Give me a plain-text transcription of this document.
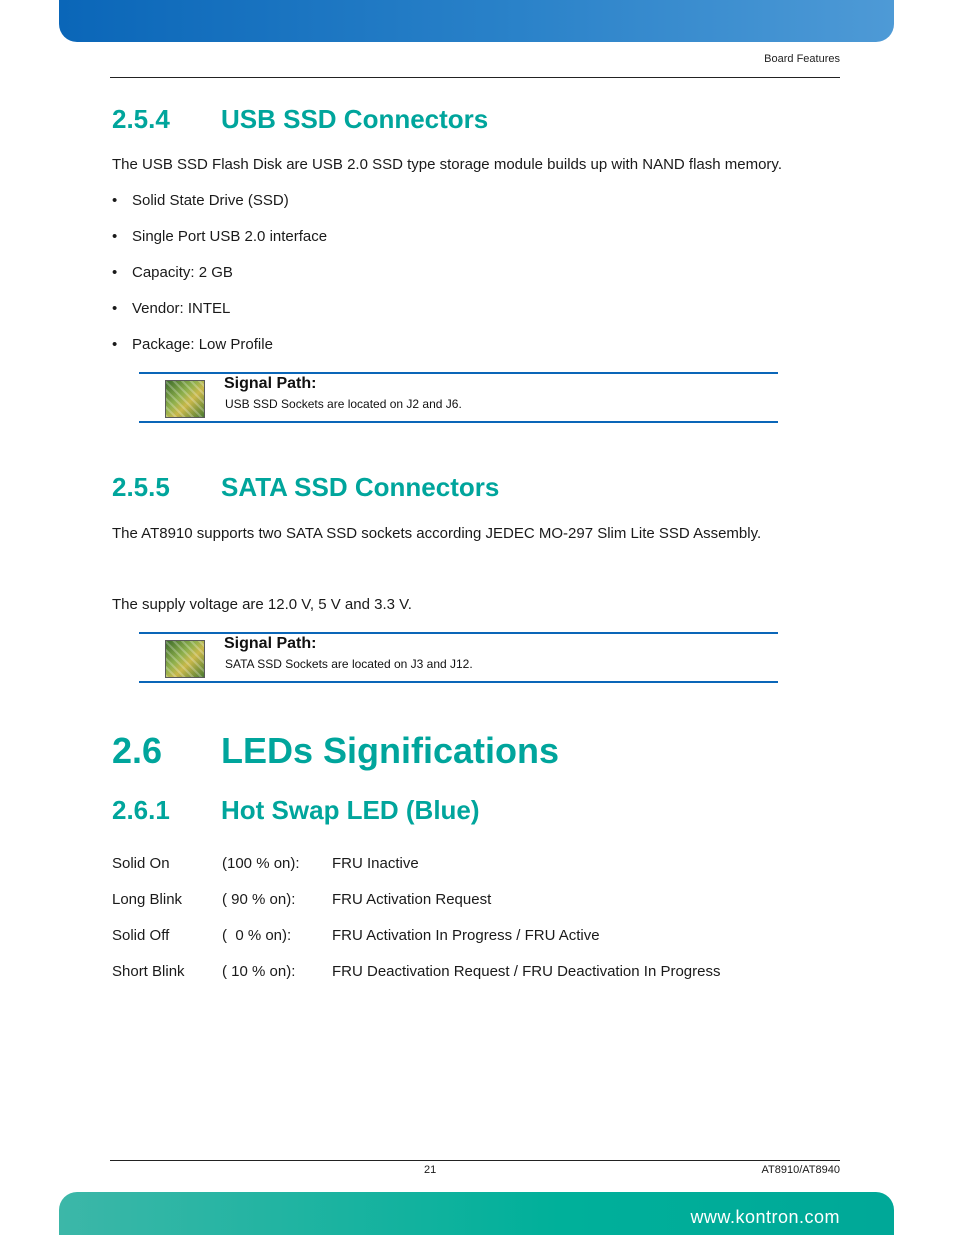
Board Features
2.5.4 USB SSD Connectors

The USB SSD Flash Disk are USB 2.0 SSD type storage module builds up with NAND flash memory.

• Solid State Drive (SSD)
• Single Port USB 2.0 interface
• Capacity: 2 GB
• Vendor: INTEL
• Package: Low Profile
Signal Path:
USB SSD Sockets are located on J2 and J6.
2.5.5 SATA SSD Connectors

The AT8910 supports two SATA SSD sockets according JEDEC MO-297 Slim Lite SSD Assembly.

The supply voltage are 12.0 V, 5 V and 3.3 V.

Signal Path:
SATA SSD Sockets are located on J3 and J12.
2.6 LEDs Significations
2.6.1 Hot Swap LED (Blue)
Solid On	(100 % on):	FRU Inactive
Long Blink	( 90 % on):	FRU Activation Request
Solid Off	(  0 % on):	FRU Activation In Progress / FRU Active
Short Blink	( 10 % on):	FRU Deactivation Request / FRU Deactivation In Progress
21	AT8910/AT8940
www.kontron.com
